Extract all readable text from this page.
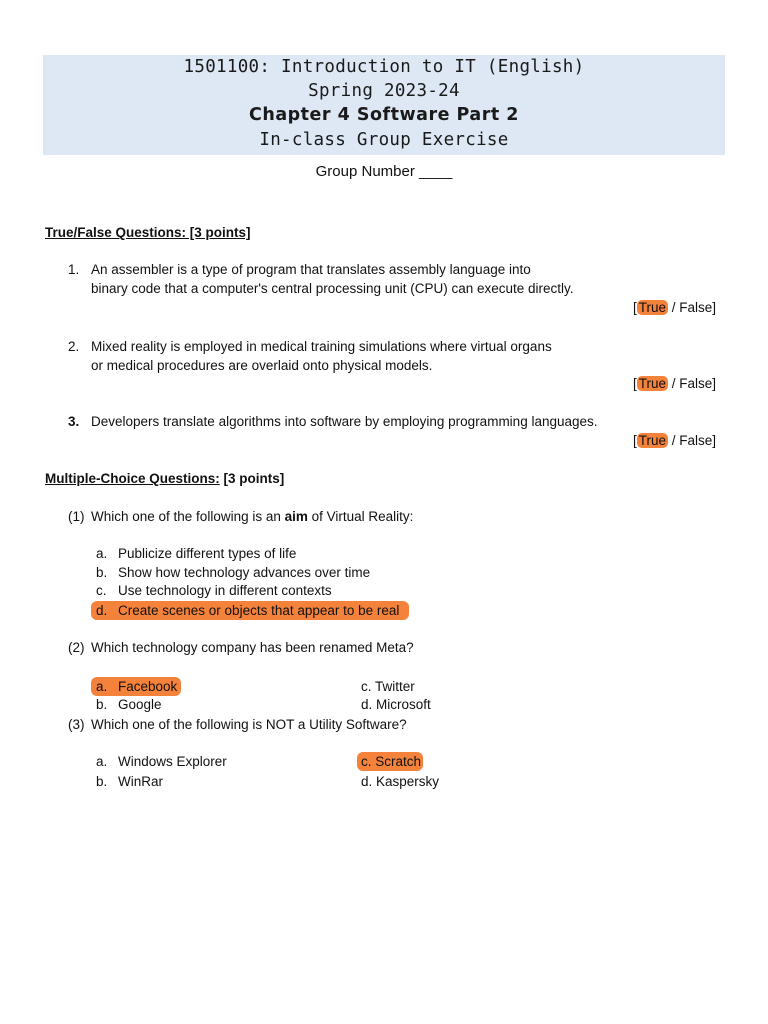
1501100: Introduction to IT (English)
Spring 2023-24
Chapter 4 Software Part 2
In-class Group Exercise
Group Number ____
True/False Questions: [3 points]
1. An assembler is a type of program that translates assembly language into
binary code that a computer's central processing unit (CPU) can execute directly.
[ True / False]
2. Mixed reality is employed in medical training simulations where virtual organs
or medical procedures are overlaid onto physical models.
[ True / False]
3. Developers translate algorithms into software by employing programming languages.
[ True / False]
Multiple-Choice Questions: [3 points]
(1) Which one of the following is an aim of Virtual Reality:
a. Publicize different types of life
b. Show how technology advances over time
c. Use technology in different contexts
d. Create scenes or objects that appear to be real
(2) Which technology company has been renamed Meta?
a. Facebook
b. Google
c. Twitter
d. Microsoft
(3) Which one of the following is NOT a Utility Software?
a. Windows Explorer
b. WinRar
c. Scratch
d. Kaspersky
